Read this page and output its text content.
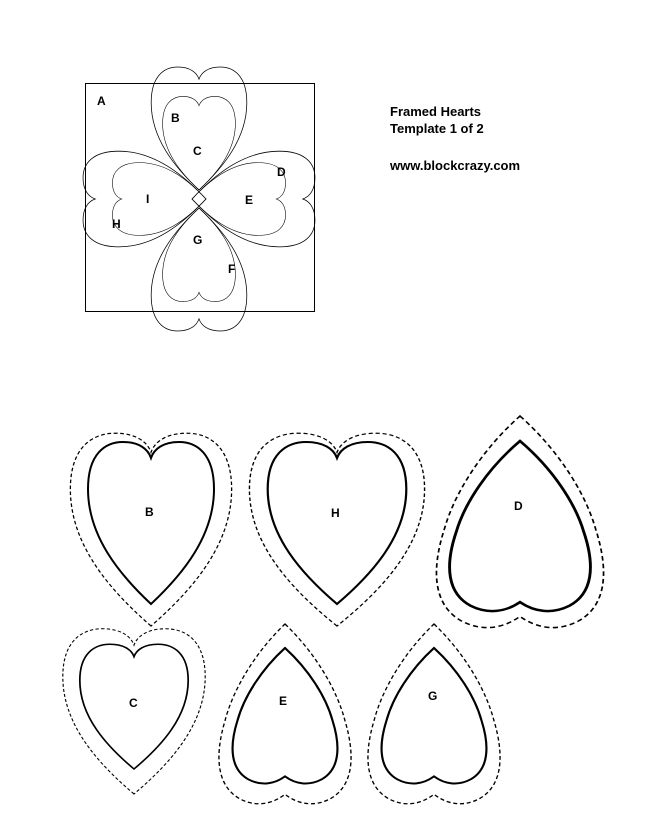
Framed Hearts
Template 1 of 2
www.blockcrazy.com
A
B
C
D
E
F
G
H
I
B	H	D
C	E	G
